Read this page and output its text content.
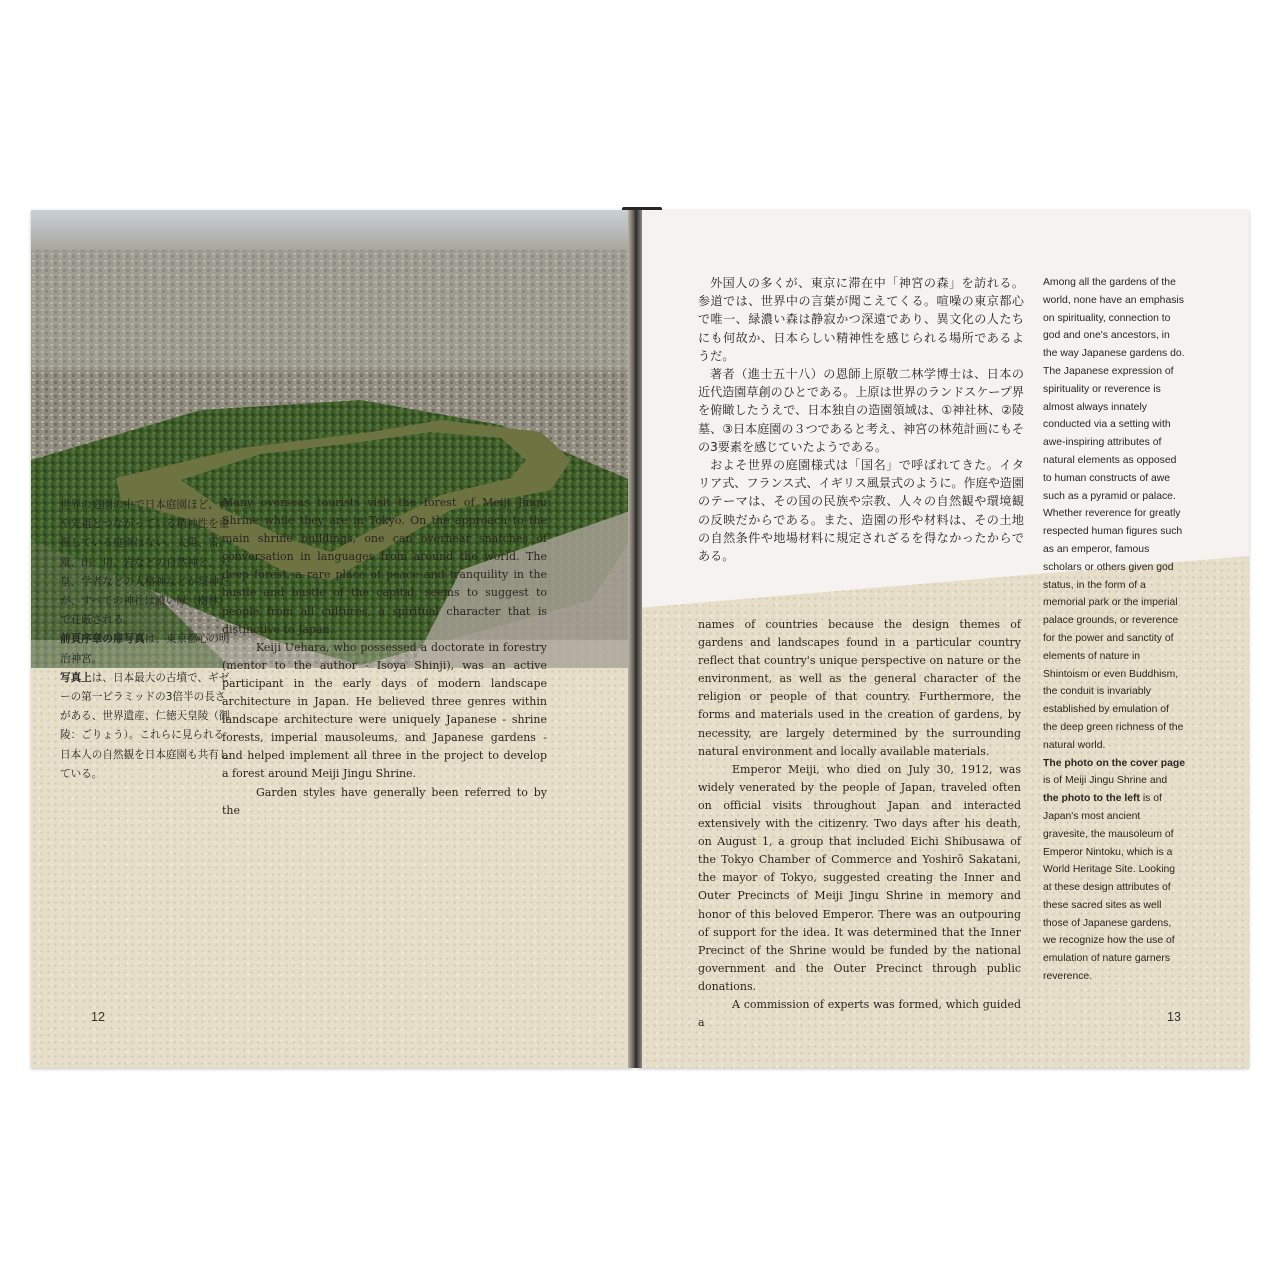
12	13

世界の庭園の中で日本庭園ほど、神や先祖とつながっている精神性を重視している庭園はない。太陽、雷、風、山、川、岩などの自然神と、天皇、学者などの人格神などが祭神だが、すべての神社は濃い緑（樹林）で荘厳される。

前頁序章の扉写真は、東京都心の明治神宮。

写真上は、日本最大の古墳で、ギゼーの第一ピラミッドの3倍半の長さがある、世界遺産、仁徳天皇陵（御陵：ごりょう）。これらに見られる日本人の自然観を日本庭園も共有している。

Many overseas tourists visit the forest of Meiji Jingu Shrine while they are in Tokyo. On the approach to the main shrine buildings, one can overhear snatches of conversation in languages from around the world. The deep forest, a rare place of peace and tranquility in the hustle and bustle of the capital, seems to suggest to people from all cultures, a spiritual character that is distinctive to Japan.

Keiji Uehara, who possessed a doctorate in forestry (mentor to the author - Isoya Shinji), was an active participant in the early days of modern landscape architecture in Japan. He believed three genres within landscape architecture were uniquely Japanese - shrine forests, imperial mausoleums, and Japanese gardens - and helped implement all three in the project to develop a forest around Meiji Jingu Shrine.

Garden styles have generally been referred to by the

外国人の多くが、東京に滞在中「神宮の森」を訪れる。参道では、世界中の言葉が聞こえてくる。喧噪の東京都心で唯一、緑濃い森は静寂かつ深遠であり、異文化の人たちにも何故か、日本らしい精神性を感じられる場所であるようだ。

著者（進士五十八）の恩師上原敬二林学博士は、日本の近代造園草創のひとである。上原は世界のランドスケープ界を俯瞰したうえで、日本独自の造園領域は、①神社林、②陵墓、③日本庭園の３つであると考え、神宮の林苑計画にもその3要素を感じていたようである。

およそ世界の庭園様式は「国名」で呼ばれてきた。イタリア式、フランス式、イギリス風景式のように。作庭や造園のテーマは、その国の民族や宗教、人々の自然観や環境観の反映だからである。また、造園の形や材料は、その土地の自然条件や地場材料に規定されざるを得なかったからである。

names of countries because the design themes of gardens and landscapes found in a particular country reflect that country's unique perspective on nature or the environment, as well as the general character of the religion or people of that country. Furthermore, the forms and materials used in the creation of gardens, by necessity, are largely determined by the surrounding natural environment and locally available materials.

Emperor Meiji, who died on July 30, 1912, was widely venerated by the people of Japan, traveled often on official visits throughout Japan and interacted extensively with the citizenry. Two days after his death, on August 1, a group that included Eichi Shibusawa of the Tokyo Chamber of Commerce and Yoshirō Sakatani, the mayor of Tokyo, suggested creating the Inner and Outer Precincts of Meiji Jingu Shrine in memory and honor of this beloved Emperor. There was an outpouring of support for the idea. It was determined that the Inner Precinct of the Shrine would be funded by the national government and the Outer Precinct through public donations.

A commission of experts was formed, which guided a

Among all the gardens of the world, none have an emphasis on spirituality, connection to god and one's ancestors, in the way Japanese gardens do. The Japanese expression of spirituality or reverence is almost always innately conducted via a setting with awe-inspiring attributes of natural elements as opposed to human constructs of awe such as a pyramid or palace. Whether reverence for greatly respected human figures such as an emperor, famous scholars or others given god status, in the form of a memorial park or the imperial palace grounds, or reverence for the power and sanctity of elements of nature in Shintoism or even Buddhism, the conduit is invariably established by emulation of the deep green richness of the natural world.

The photo on the cover page is of Meiji Jingu Shrine and the photo to the left is of Japan's most ancient gravesite, the mausoleum of Emperor Nintoku, which is a World Heritage Site. Looking at these design attributes of these sacred sites as well those of Japanese gardens, we recognize how the use of emulation of nature garners reverence.
